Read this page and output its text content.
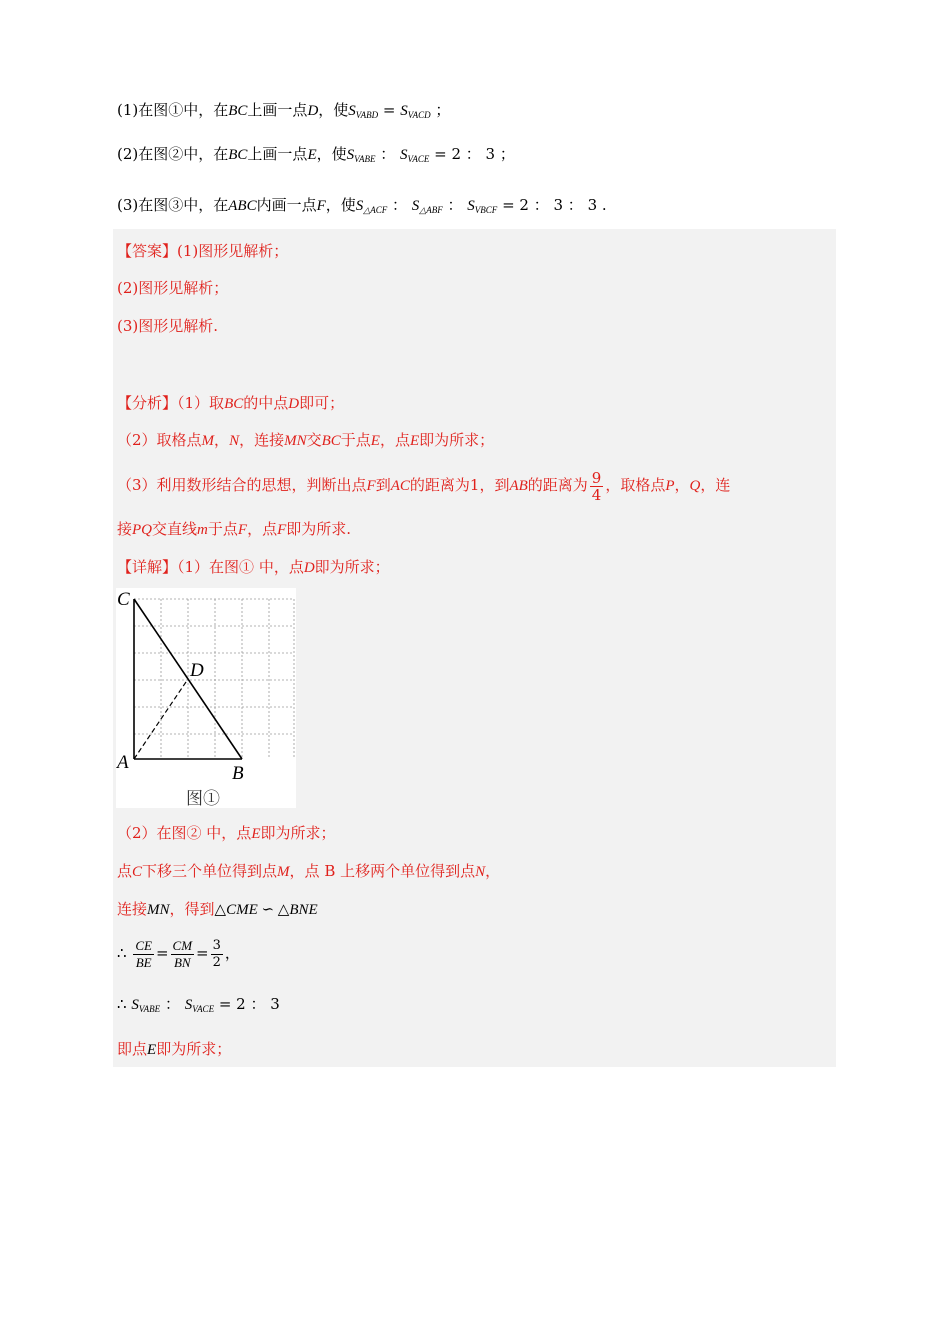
(1)在图①中，在BC上画一点D，使$S_{VABD} = S_{VACD}$ ；
(2)在图②中，在BC上画一点E，使$S_{VABE}$ ： $S_{VACE} = 2$ ： 3 ；
(3)在图③中，在ABC内画一点F，使$S_{\triangle ACF}$ ： $S_{\triangle ABF}$ ： $S_{VBCF} = 2$ ： 3 ： 3 .
【答案】(1)图形见解析；
(2)图形见解析；
(3)图形见解析.
【分析】（1）取BC的中点D即可；
（2）取格点M，N，连接MN交BC于点E，点E即为所求；
（3）利用数形结合的思想，判断出点F到AC的距离为1，到AB的距离为 $\frac{9}{4}$ ，取格点P，Q，连
接PQ交直线m于点F，点F即为所求.
【详解】（1）在图① 中，点D即为所求；
C
D
A
B
图①
（2）在图② 中，点E即为所求；
点C下移三个单位得到点M，点 B 上移两个单位得到点N，
连接MN，得到△CME ∽ △BNE
∴ $\frac{CE}{BE} = \frac{CM}{BN} = \frac{3}{2}$ ，
∴ $S_{VABE}$ ： $S_{VACE} = 2$ ： 3
即点E即为所求；
